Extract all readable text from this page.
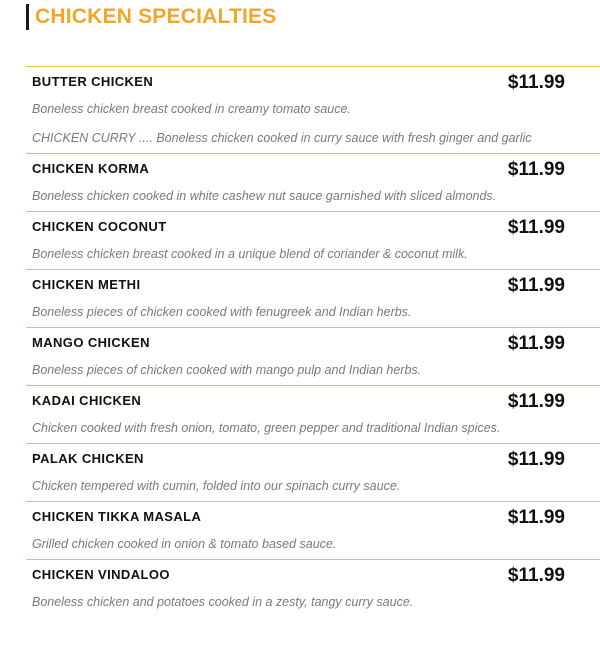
CHICKEN SPECIALTIES
BUTTER CHICKEN	$11.99
Boneless chicken breast cooked in creamy tomato sauce.
CHICKEN CURRY .... Boneless chicken cooked in curry sauce with fresh ginger and garlic
CHICKEN KORMA	$11.99
Boneless chicken cooked in white cashew nut sauce garnished with sliced almonds.
CHICKEN COCONUT	$11.99
Boneless chicken breast cooked in a unique blend of coriander & coconut milk.
CHICKEN METHI	$11.99
Boneless pieces of chicken cooked with fenugreek and Indian herbs.
MANGO CHICKEN	$11.99
Boneless pieces of chicken cooked with mango pulp and Indian herbs.
KADAI CHICKEN	$11.99
Chicken cooked with fresh onion, tomato, green pepper and traditional Indian spices.
PALAK CHICKEN	$11.99
Chicken tempered with cumin, folded into our spinach curry sauce.
CHICKEN TIKKA MASALA	$11.99
Grilled chicken cooked in onion & tomato based sauce.
CHICKEN VINDALOO	$11.99
Boneless chicken and potatoes cooked in a zesty, tangy curry sauce.
